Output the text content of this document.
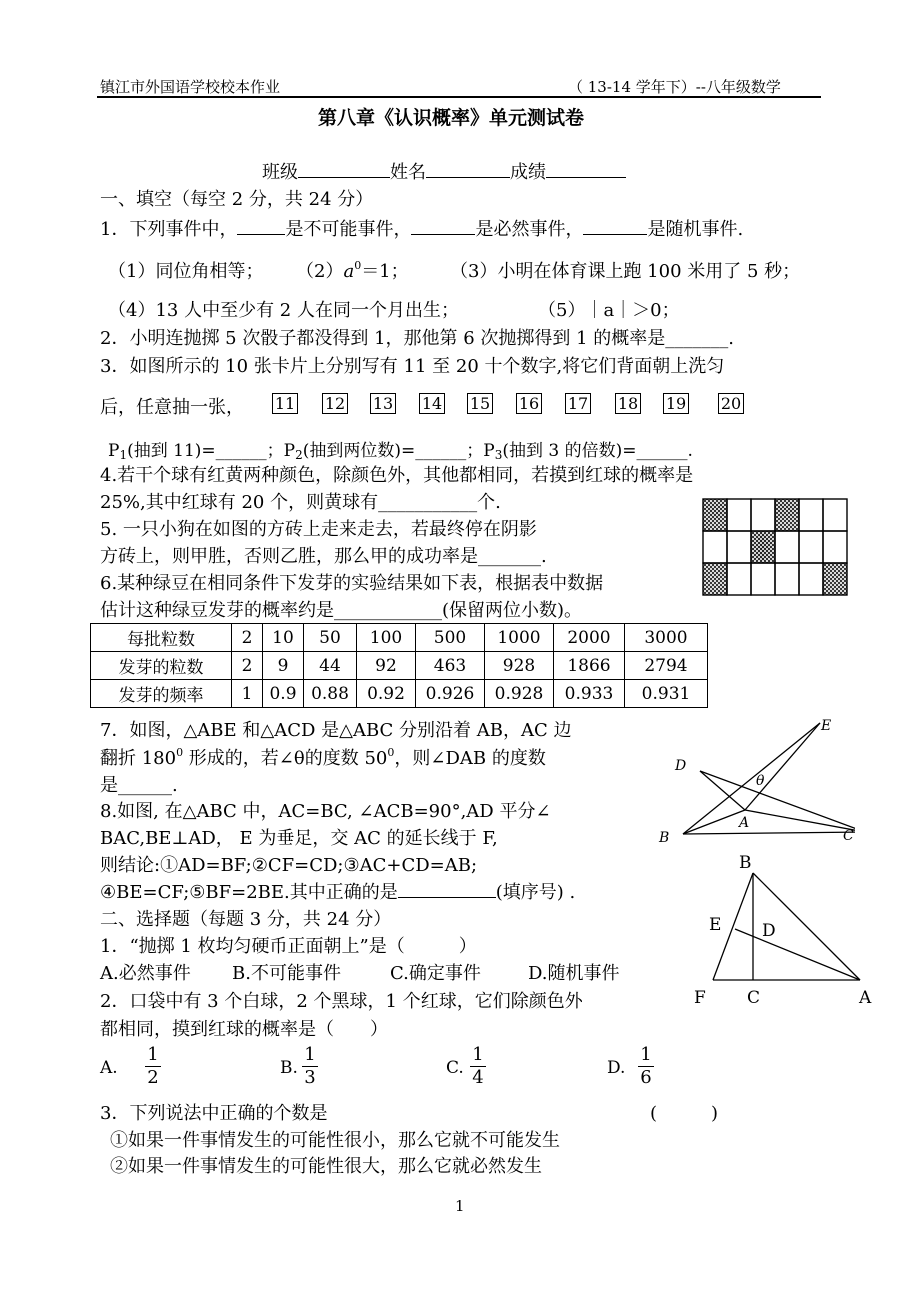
镇江市外国语学校校本作业	（ 13-14 学年下）--八年级数学
第八章《认识概率》单元测试卷
班级	姓名	成绩
一、填空（每空 2 分，共 24 分）
1．下列事件中，	是不可能事件，	是必然事件，	是随机事件.
（1）同位角相等； $(2)a^0=1$； （3）小明在体育课上跑 100 米用了 5 秒；
（4）13 人中至少有 2 人在同一个月出生；	（5）｜a｜＞0；
2．小明连抛掷 5 次骰子都没得到 1，那他第 6 次抛掷得到 1 的概率是_______.
3．如图所示的 10 张卡片上分别写有 11 至 20 十个数字,将它们背面朝上洗匀
后，任意抽一张， 11 12 13 14 15 16 17 18 19 20
$P_1$(抽到 11)=______；$P_2$(抽到两位数)=______；$P_3$(抽到 3 的倍数)=______.
4.若干个球有红黄两种颜色，除颜色外，其他都相同，若摸到红球的概率是
25%,其中红球有 20 个，则黄球有___________个.
5. 一只小狗在如图的方砖上走来走去，若最终停在阴影
方砖上，则甲胜，否则乙胜，那么甲的成功率是_______.
6.某种绿豆在相同条件下发芽的实验结果如下表，根据表中数据
估计这种绿豆发芽的概率约是____________(保留两位小数)。
每批粒数	2	10	50	100	500	1000	2000	3000
发芽的粒数	2	9	44	92	463	928	1866	2794
发芽的频率	1	0.9	0.88	0.92	0.926	0.928	0.933	0.931
7．如图，△ABE 和△ACD 是△ABC 分别沿着 AB，AC 边
翻折 $180^0$ 形成的，若∠θ的度数 $50^0$，则∠DAB 的度数
是______.
E
D
θ
A
B	C
8.如图, 在△ABC 中，AC=BC, ∠ACB=90°,AD 平分∠
BAC,BE⊥AD， E 为垂足，交 AC 的延长线于 F,
则结论:①AD=BF;②CF=CD;③AC+CD=AB;
④BE=CF;⑤BF=2BE.其中正确的是	(填序号) .
B
E D
F C	A
二、选择题（每题 3 分，共 24 分）
1．“抛掷 1 枚均匀硬币正面朝上”是（　　　）
A.必然事件 B.不可能事件	C.确定事件	D.随机事件
2．口袋中有 3 个白球，2 个黑球，1 个红球，它们除颜色外
都相同，摸到红球的概率是（　　）
A.
1
2	B.
1
3	C.
1
4	D.
1
6
3．下列说法中正确的个数是	(　　　)
①如果一件事情发生的可能性很小，那么它就不可能发生
②如果一件事情发生的可能性很大，那么它就必然发生
1
